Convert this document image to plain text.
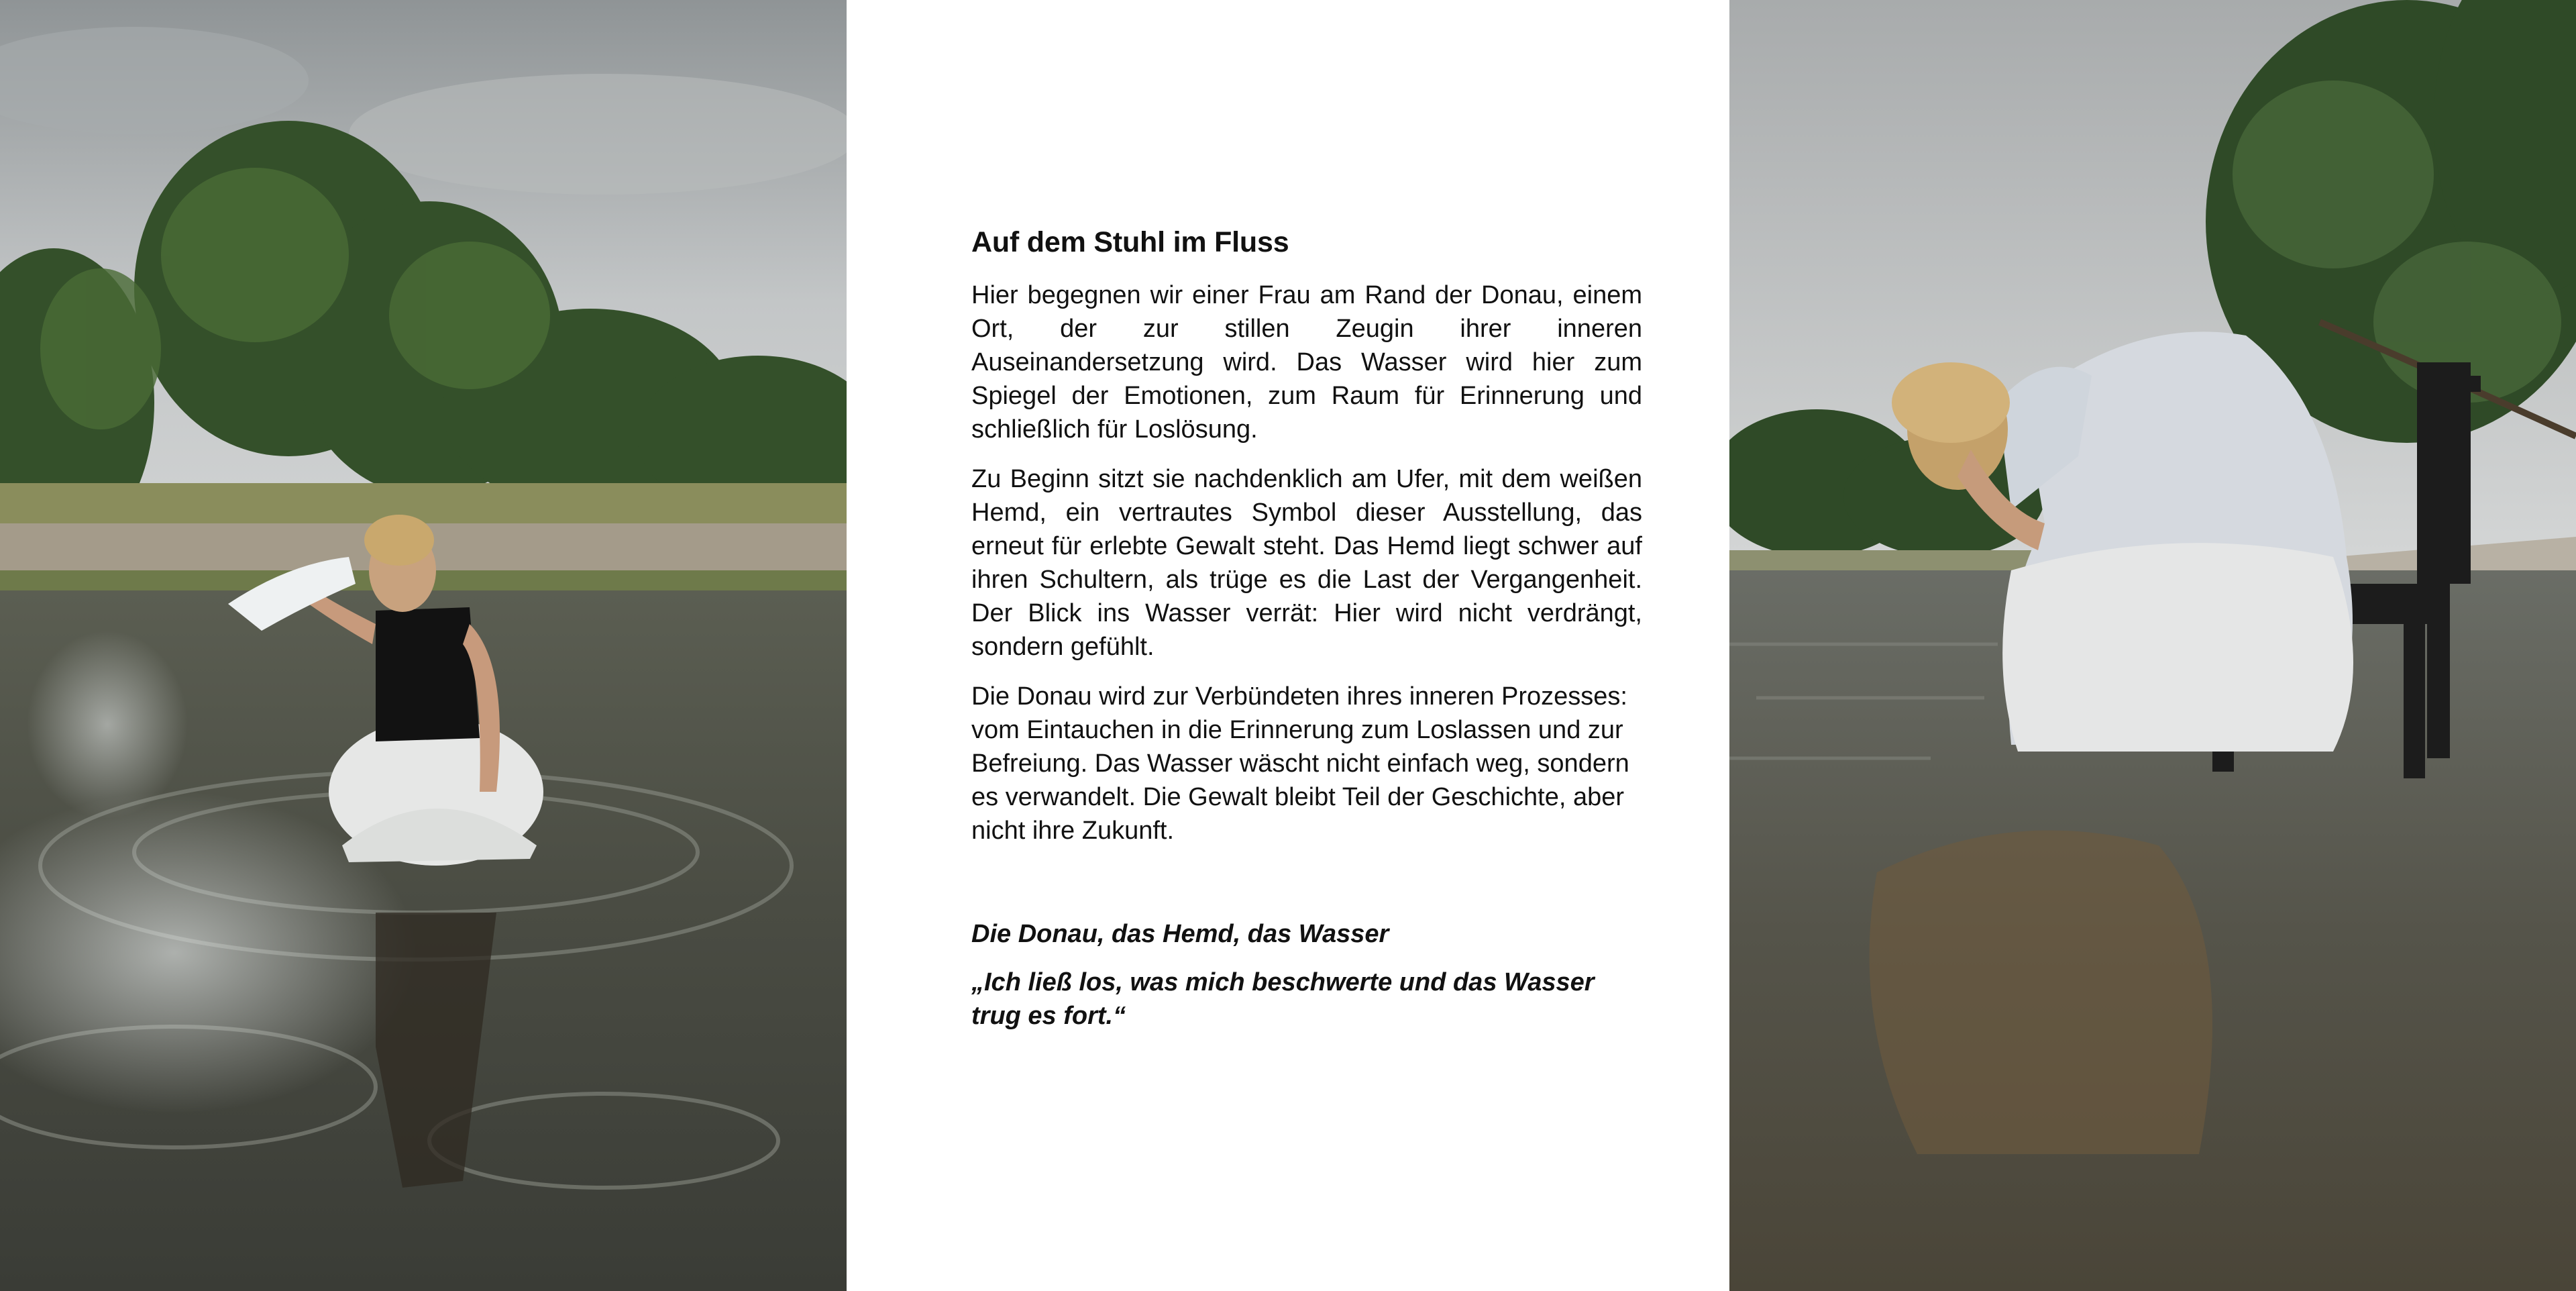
Auf dem Stuhl im Fluss

Hier begegnen wir einer Frau am Rand der Donau, einem Ort, der zur stillen Zeugin ihrer inneren Auseinandersetzung wird. Das Wasser wird hier zum Spiegel der Emotionen, zum Raum für Erinnerung und schließlich für Loslösung.

Zu Beginn sitzt sie nachdenklich am Ufer, mit dem weißen Hemd, ein vertrautes Symbol dieser Ausstellung, das erneut für erlebte Gewalt steht. Das Hemd liegt schwer auf ihren Schultern, als trüge es die Last der Vergangenheit. Der Blick ins Wasser verrät: Hier wird nicht verdrängt, sondern gefühlt.

Die Donau wird zur Verbündeten ihres inneren Prozesses: vom Eintauchen in die Erinnerung zum Loslassen und zur Befreiung. Das Wasser wäscht nicht einfach weg, sondern es verwandelt. Die Gewalt bleibt Teil der Geschichte, aber nicht ihre Zukunft.

Die Donau, das Hemd, das Wasser

„Ich ließ los, was mich beschwerte und das Wasser trug es fort.“
